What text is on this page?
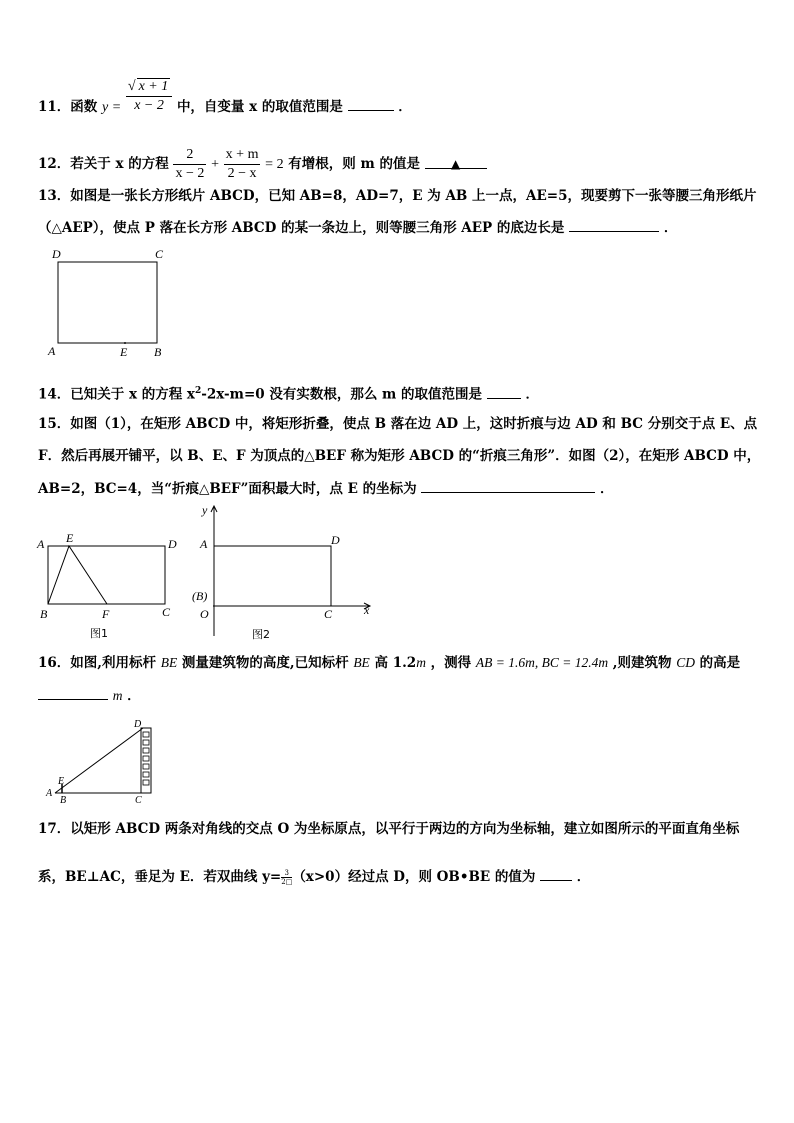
11．函数 $y = \frac{√ x + 1}{x - 2}$ 中，自变量 x 的取值范围是	．
12．若关于 x 的方程 $\frac{2}{x - 2} + \frac{x + m}{2 - x} = 2$ 有增根，则 m 的值是	▲
13．如图是一张长方形纸片 ABCD，已知 AB=8，AD=7，E 为 AB 上一点，AE=5，现要剪下一张等腰三角形纸片
（△AEP），使点 P 落在长方形 ABCD 的某一条边上，则等腰三角形 AEP 的底边长是	．
D	C
A	E B
14．已知关于 x 的方程 $x^2-2x-m=0$ 没有实数根，那么 m 的取值范围是	．
15．如图（1），在矩形 ABCD 中，将矩形折叠，使点 B 落在边 AD 上，这时折痕与边 AD 和 BC 分别交于点 E、点
F．然后再展开铺平，以 B、E、F 为顶点的△BEF 称为矩形 ABCD 的“折痕三角形”．如图（2），在矩形 ABCD 中，
AB=2，BC=4，当“折痕△BEF”面积最大时，点 E 的坐标为	．
A E	D
B	F	C
图1
y
A	D
(B)
O	C	x
图2
16．如图,利用标杆 BE 测量建筑物的高度,已知标杆 BE 高 1.2m ，测得 AB = 1.6m, BC = 12.4m ,则建筑物 CD 的高是
m ．
D
E
A
B	C
17．以矩形 ABCD 两条对角线的交点 O 为坐标原点，以平行于两边的方向为坐标轴，建立如图所示的平面直角坐标
系，BE⊥AC，垂足为 E．若双曲线 $y= \frac{3}{2□} (x>0)$经过点 D，则 OB•BE 的值为	．
